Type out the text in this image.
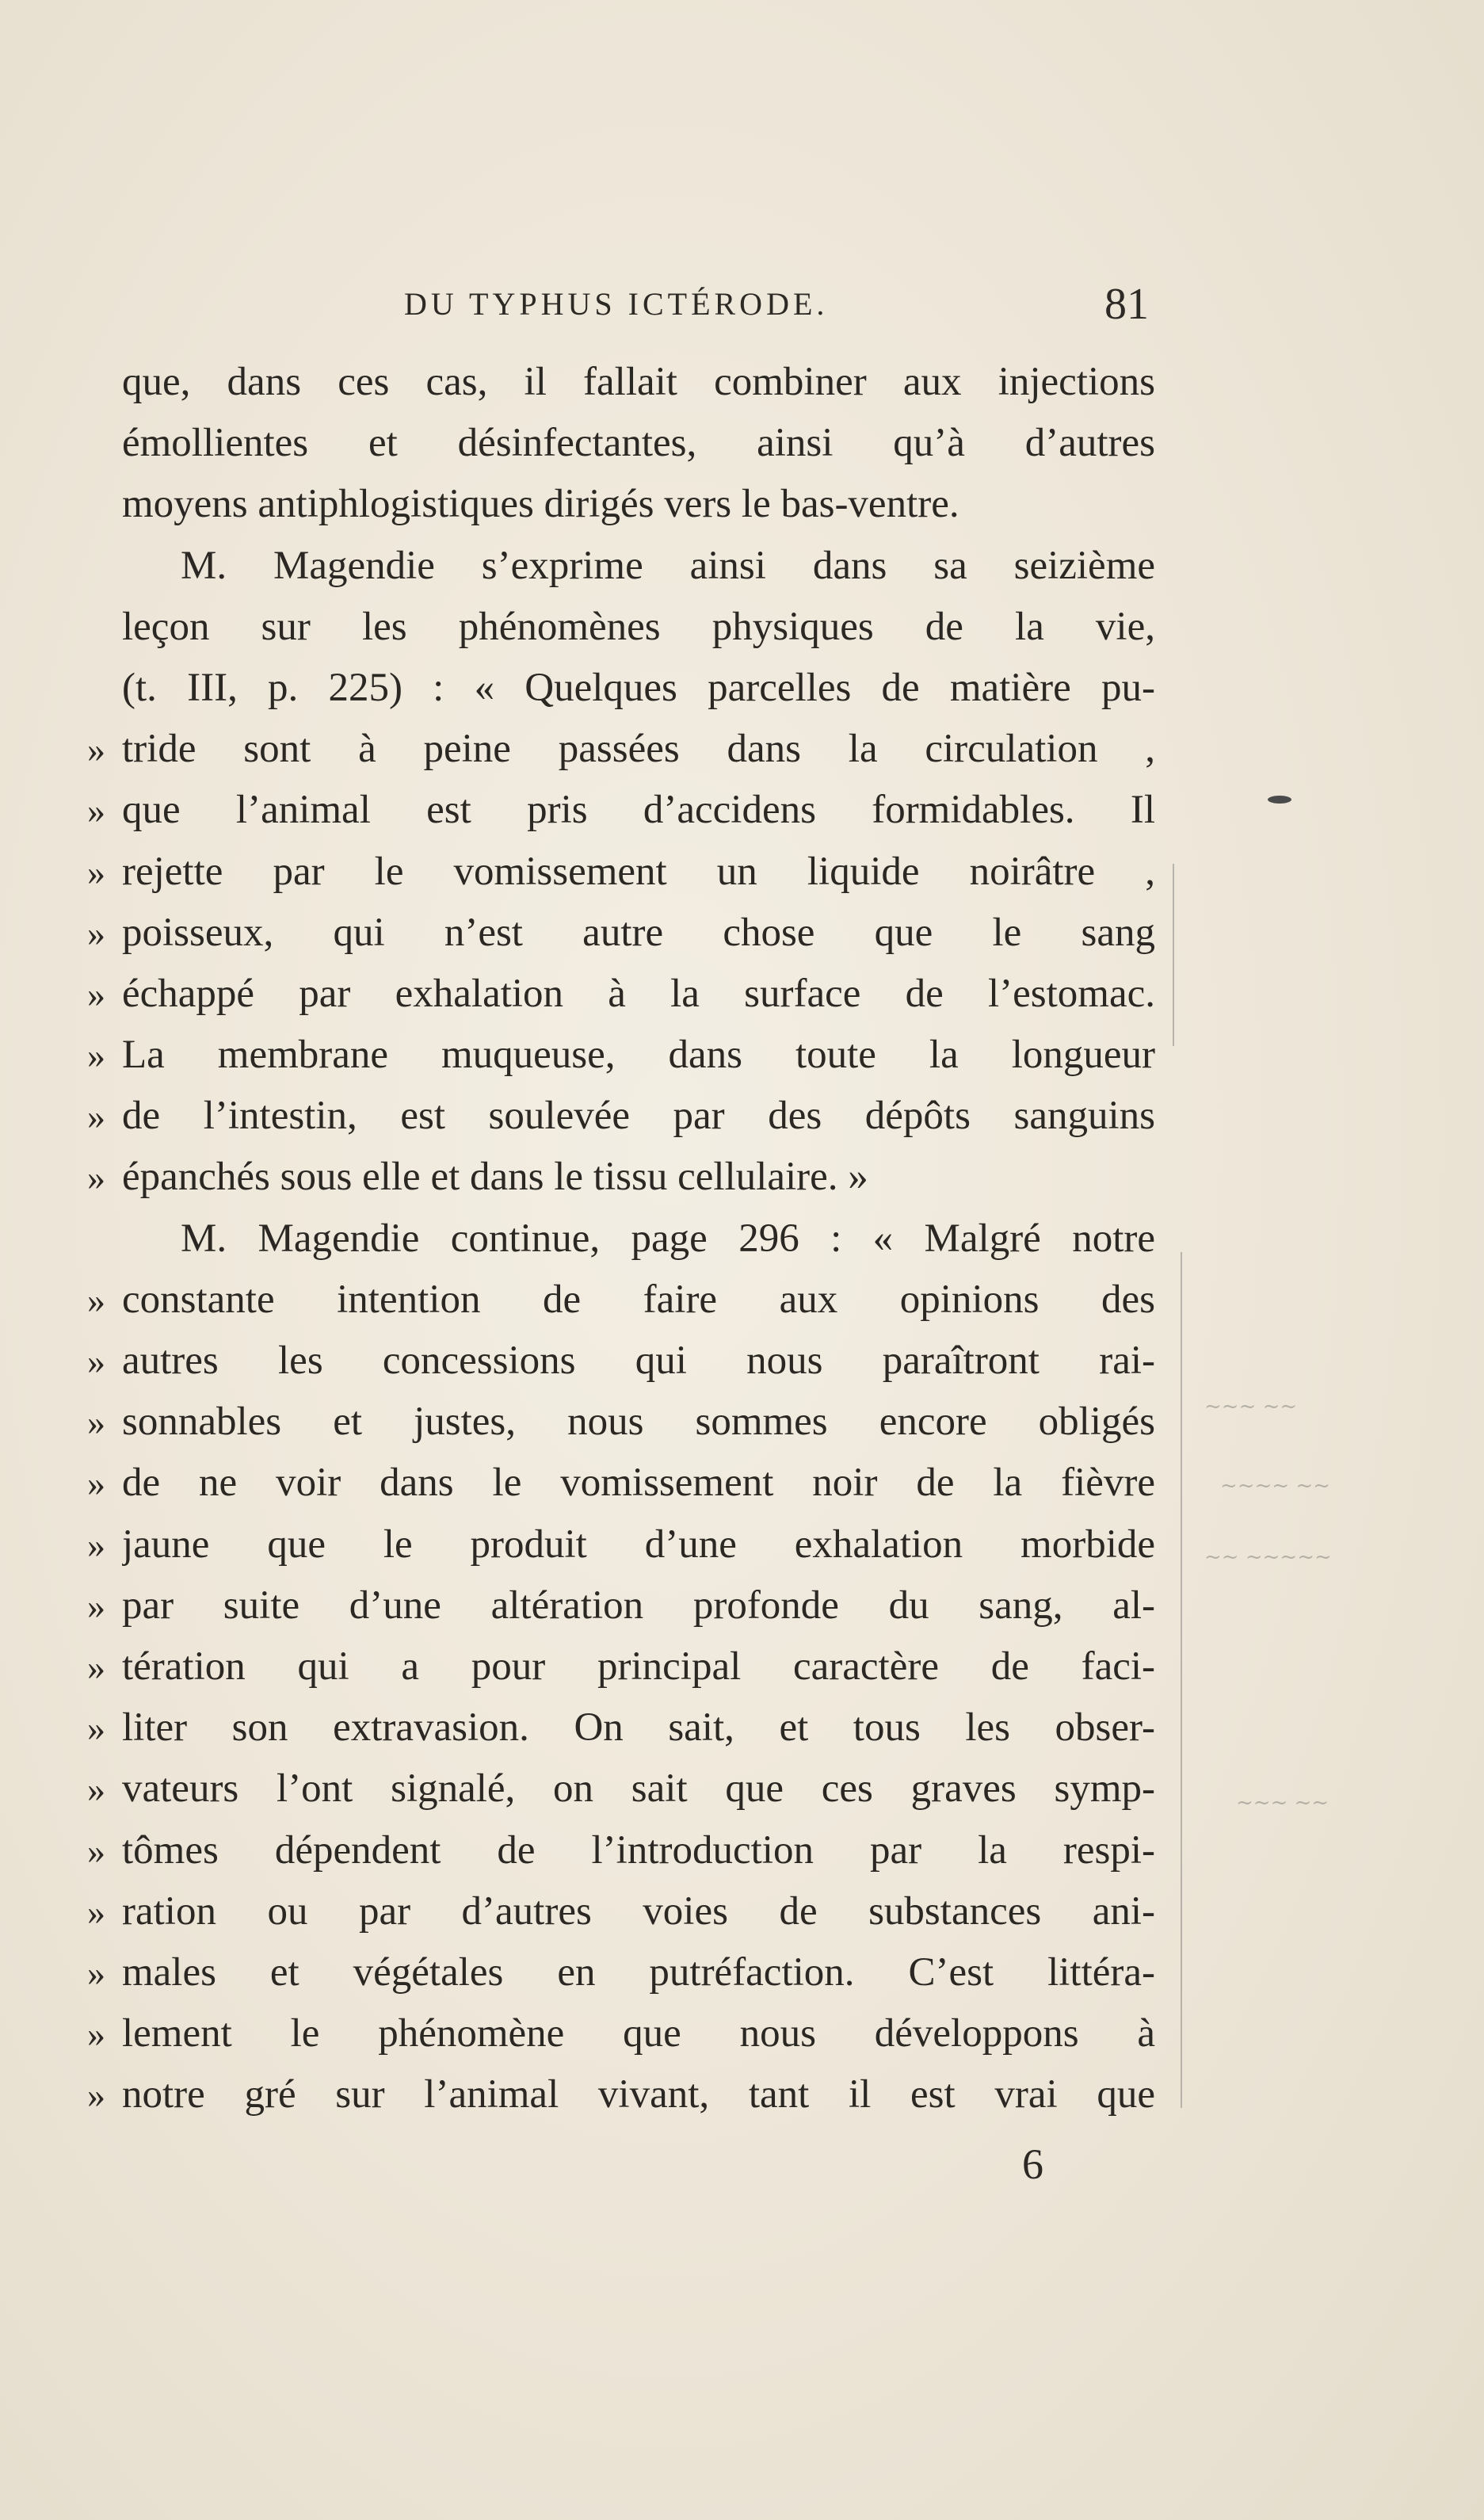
DU TYPHUS ICTÉRODE.	81
que, dans ces cas, il fallait combiner aux injections
émollientes et désinfectantes, ainsi qu’à d’autres
moyens antiphlogistiques dirigés vers le bas-ventre.
M. Magendie s’exprime ainsi dans sa seizième
leçon sur les phénomènes physiques de la vie,
(t. III, p. 225) : « Quelques parcelles de matière pu-
» tride sont à peine passées dans la circulation ,
» que l’animal est pris d’accidens formidables. Il
» rejette par le vomissement un liquide noirâtre ,
» poisseux, qui n’est autre chose que le sang
» échappé par exhalation à la surface de l’estomac.
» La membrane muqueuse, dans toute la longueur
» de l’intestin, est soulevée par des dépôts sanguins
» épanchés sous elle et dans le tissu cellulaire. »
M. Magendie continue, page 296 : « Malgré notre
» constante intention de faire aux opinions des
» autres les concessions qui nous paraîtront rai-
» sonnables et justes, nous sommes encore obligés
» de ne voir dans le vomissement noir de la fièvre
» jaune que le produit d’une exhalation morbide
» par suite d’une altération profonde du sang, al-
» tération qui a pour principal caractère de faci-
» liter son extravasion. On sait, et tous les obser-
» vateurs l’ont signalé, on sait que ces graves symp-
» tômes dépendent de l’introduction par la respi-
» ration ou par d’autres voies de substances ani-
» males et végétales en putréfaction. C’est littéra-
» lement le phénomène que nous développons à
» notre gré sur l’animal vivant, tant il est vrai que
6
~~~ ~~
~~~~ ~~
~~ ~~~~~
~~~ ~~
